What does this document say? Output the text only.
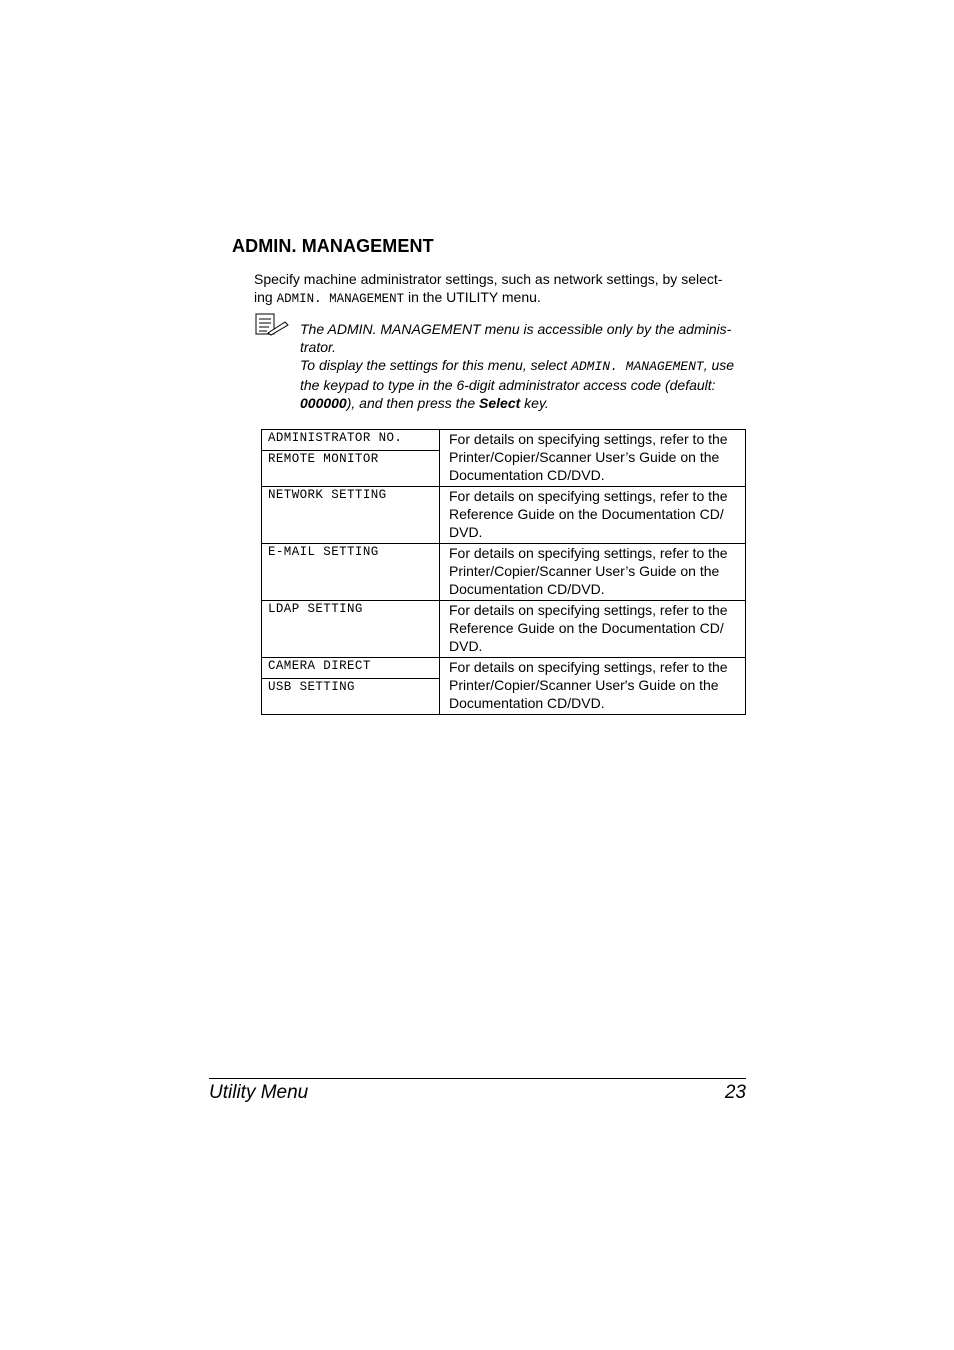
ADMIN. MANAGEMENT
Specify machine administrator settings, such as network settings, by select-
ing ADMIN. MANAGEMENT in the UTILITY menu.

The ADMIN. MANAGEMENT menu is accessible only by the adminis-trator.

To display the settings for this menu, select ADMIN. MANAGEMENT, use the keypad to type in the 6-digit administrator access code (default: 000000), and then press the Select key.

ADMINISTRATOR NO.	For details on specifying settings, refer to the Printer/Copier/Scanner User’s Guide on the Documentation CD/DVD.
REMOTE MONITOR	
NETWORK SETTING	For details on specifying settings, refer to the Reference Guide on the Documentation CD/ DVD.
E-MAIL SETTING	For details on specifying settings, refer to the Printer/Copier/Scanner User’s Guide on the Documentation CD/DVD.
LDAP SETTING	For details on specifying settings, refer to the Reference Guide on the Documentation CD/ DVD.
CAMERA DIRECT	For details on specifying settings, refer to the Printer/Copier/Scanner User's Guide on the Documentation CD/DVD.
USB SETTING	
Utility Menu	23
